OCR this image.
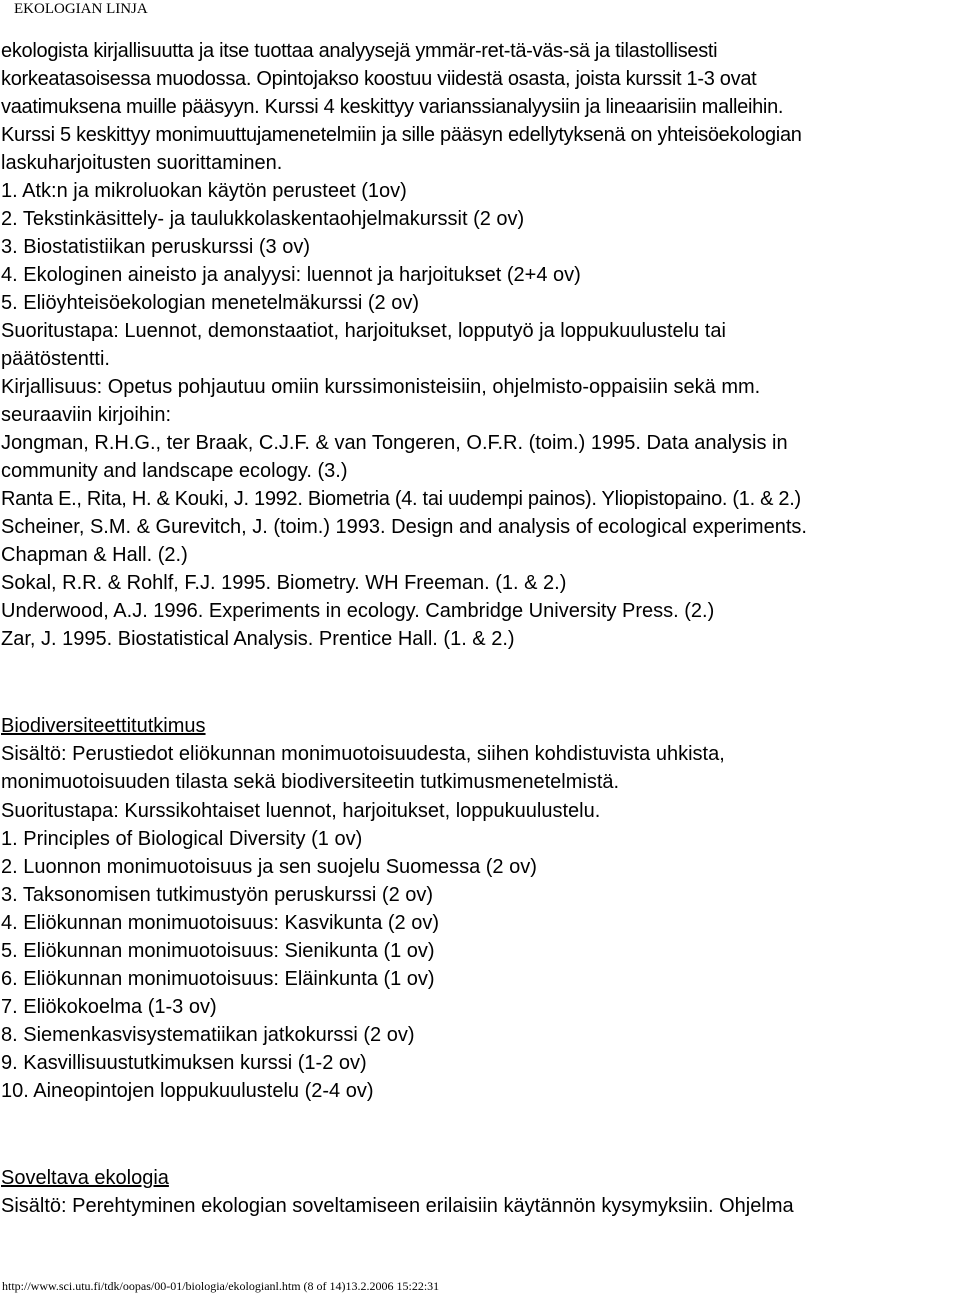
EKOLOGIAN LINJA
ekologista kirjallisuutta ja itse tuottaa analyysejä ymmär-ret-tä-väs-sä ja tilastollisesti
korkeatasoisessa muodossa. Opintojakso koostuu viidestä osasta, joista kurssit 1-3 ovat
vaatimuksena muille pääsyyn. Kurssi 4 keskittyy varianssianalyysiin ja lineaarisiin malleihin.
Kurssi 5 keskittyy monimuuttujamenetelmiin ja sille pääsyn edellytyksenä on yhteisöekologian
laskuharjoitusten suorittaminen.
1. Atk:n ja mikroluokan käytön perusteet (1ov)
2. Tekstinkäsittely- ja taulukkolaskentaohjelmakurssit (2 ov)
3. Biostatistiikan peruskurssi (3 ov)
4. Ekologinen aineisto ja analyysi: luennot ja harjoitukset (2+4 ov)
5. Eliöyhteisöekologian menetelmäkurssi (2 ov)
Suoritustapa: Luennot, demonstaatiot, harjoitukset, lopputyö ja loppukuulustelu tai
päätöstentti.
Kirjallisuus: Opetus pohjautuu omiin kurssimonisteisiin, ohjelmisto-oppaisiin sekä mm.
seuraaviin kirjoihin:
Jongman, R.H.G., ter Braak, C.J.F. & van Tongeren, O.F.R. (toim.) 1995. Data analysis in
community and landscape ecology. (3.)
Ranta E., Rita, H. & Kouki, J. 1992. Biometria (4. tai uudempi painos). Yliopistopaino. (1. & 2.)
Scheiner, S.M. & Gurevitch, J. (toim.) 1993. Design and analysis of ecological experiments.
Chapman & Hall. (2.)
Sokal, R.R. & Rohlf, F.J. 1995. Biometry. WH Freeman. (1. & 2.)
Underwood, A.J. 1996. Experiments in ecology. Cambridge University Press. (2.)
Zar, J. 1995. Biostatistical Analysis. Prentice Hall. (1. & 2.)
Biodiversiteettitutkimus
Sisältö: Perustiedot eliökunnan monimuotoisuudesta, siihen kohdistuvista uhkista,
monimuotoisuuden tilasta sekä biodiversiteetin tutkimusmenetelmistä.
Suoritustapa: Kurssikohtaiset luennot, harjoitukset, loppukuulustelu.
1. Principles of Biological Diversity (1 ov)
2. Luonnon monimuotoisuus ja sen suojelu Suomessa (2 ov)
3. Taksonomisen tutkimustyön peruskurssi (2 ov)
4. Eliökunnan monimuotoisuus: Kasvikunta (2 ov)
5. Eliökunnan monimuotoisuus: Sienikunta (1 ov)
6. Eliökunnan monimuotoisuus: Eläinkunta (1 ov)
7. Eliökokoelma (1-3 ov)
8. Siemenkasvisystematiikan jatkokurssi (2 ov)
9. Kasvillisuustutkimuksen kurssi (1-2 ov)
10. Aineopintojen loppukuulustelu (2-4 ov)
Soveltava ekologia
Sisältö: Perehtyminen ekologian soveltamiseen erilaisiin käytännön kysymyksiin. Ohjelma
http://www.sci.utu.fi/tdk/oopas/00-01/biologia/ekologianl.htm (8 of 14)13.2.2006 15:22:31
